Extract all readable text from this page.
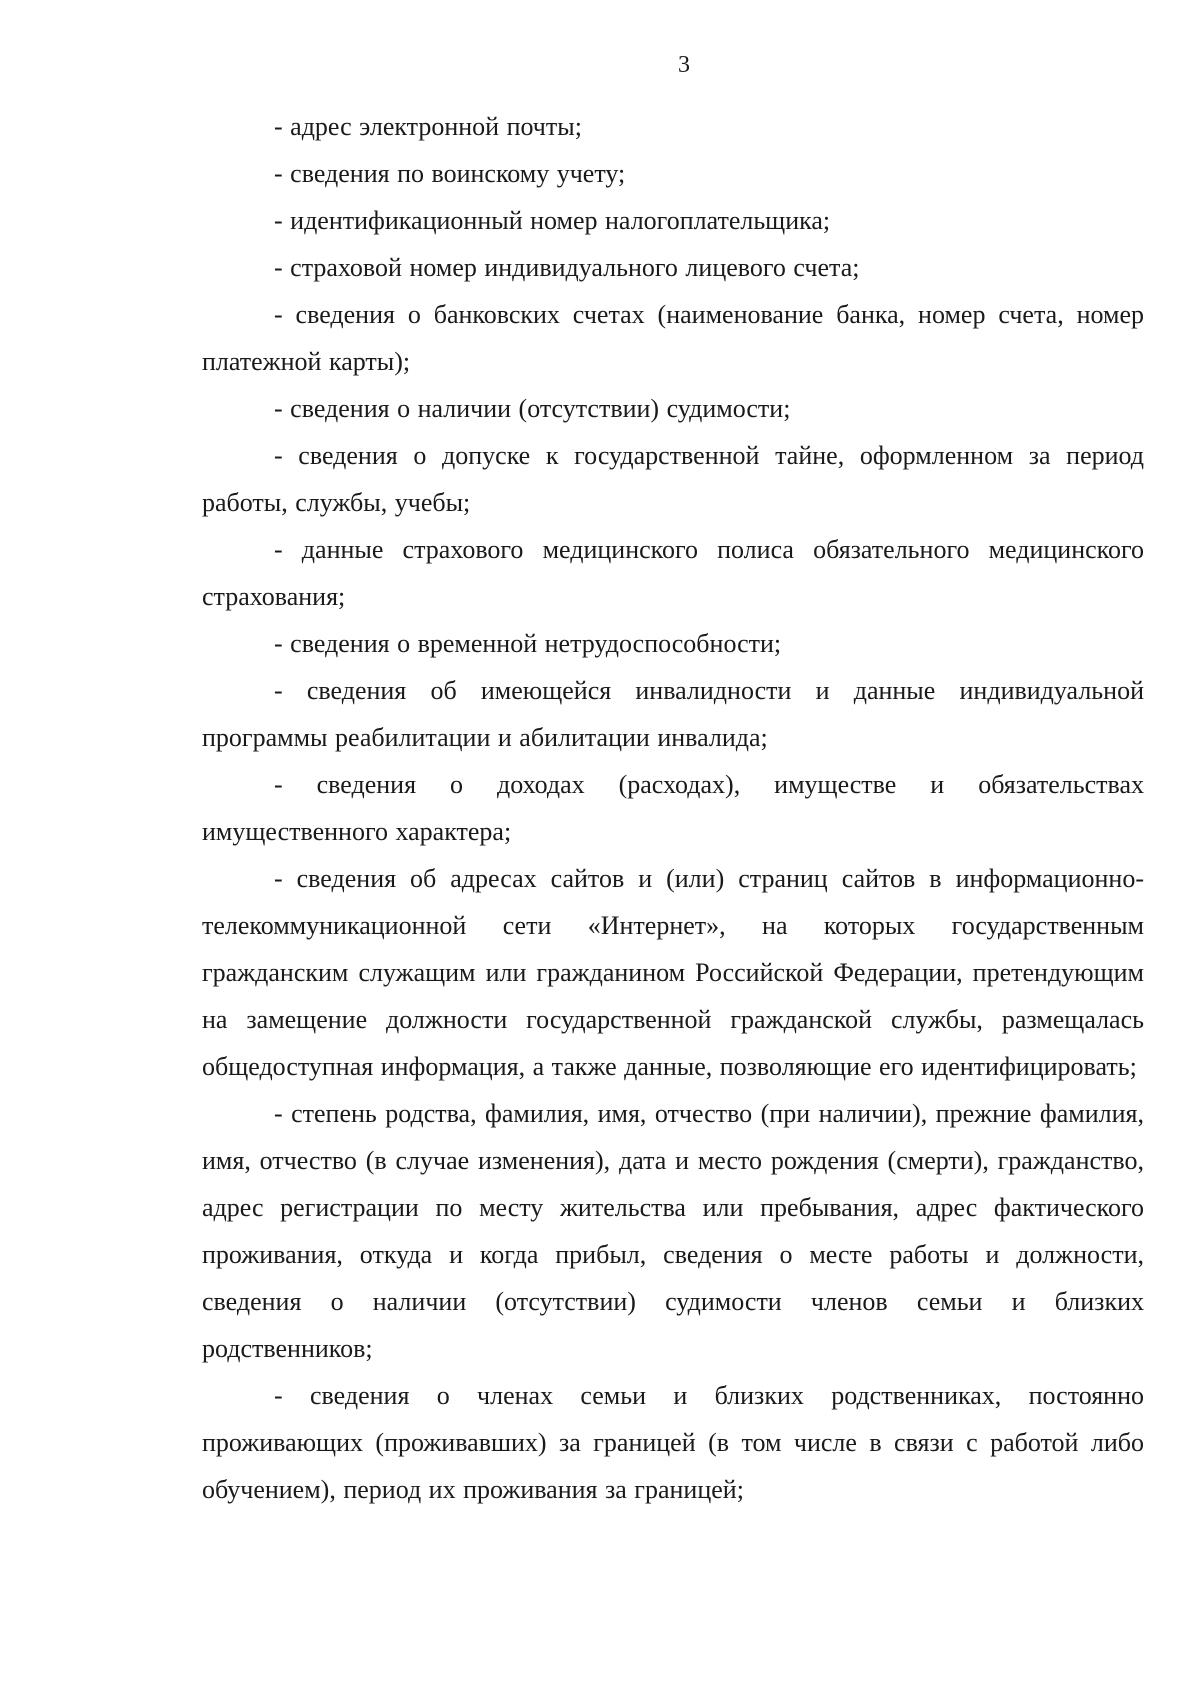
3

- адрес электронной почты;

- сведения по воинскому учету;

- идентификационный номер налогоплательщика;

- страховой номер индивидуального лицевого счета;

- сведения о банковских счетах (наименование банка, номер счета, номер платежной карты);

- сведения о наличии (отсутствии) судимости;

- сведения о допуске к государственной тайне, оформленном за период работы, службы, учебы;

- данные страхового медицинского полиса обязательного медицинского страхования;

- сведения о временной нетрудоспособности;

- сведения об имеющейся инвалидности и данные индивидуальной программы реабилитации и абилитации инвалида;

- сведения о доходах (расходах), имуществе и обязательствах имущественного характера;

- сведения об адресах сайтов и (или) страниц сайтов в информационно-телекоммуникационной сети «Интернет», на которых государственным гражданским служащим или гражданином Российской Федерации, претендующим на замещение должности государственной гражданской службы, размещалась общедоступная информация, а также данные, позволяющие его идентифицировать;

- степень родства, фамилия, имя, отчество (при наличии), прежние фамилия, имя, отчество (в случае изменения), дата и место рождения (смерти), гражданство, адрес регистрации по месту жительства или пребывания, адрес фактического проживания, откуда и когда прибыл, сведения о месте работы и должности, сведения о наличии (отсутствии) судимости членов семьи и близких родственников;

- сведения о членах семьи и близких родственниках, постоянно проживающих (проживавших) за границей (в том числе в связи с работой либо обучением), период их проживания за границей;
